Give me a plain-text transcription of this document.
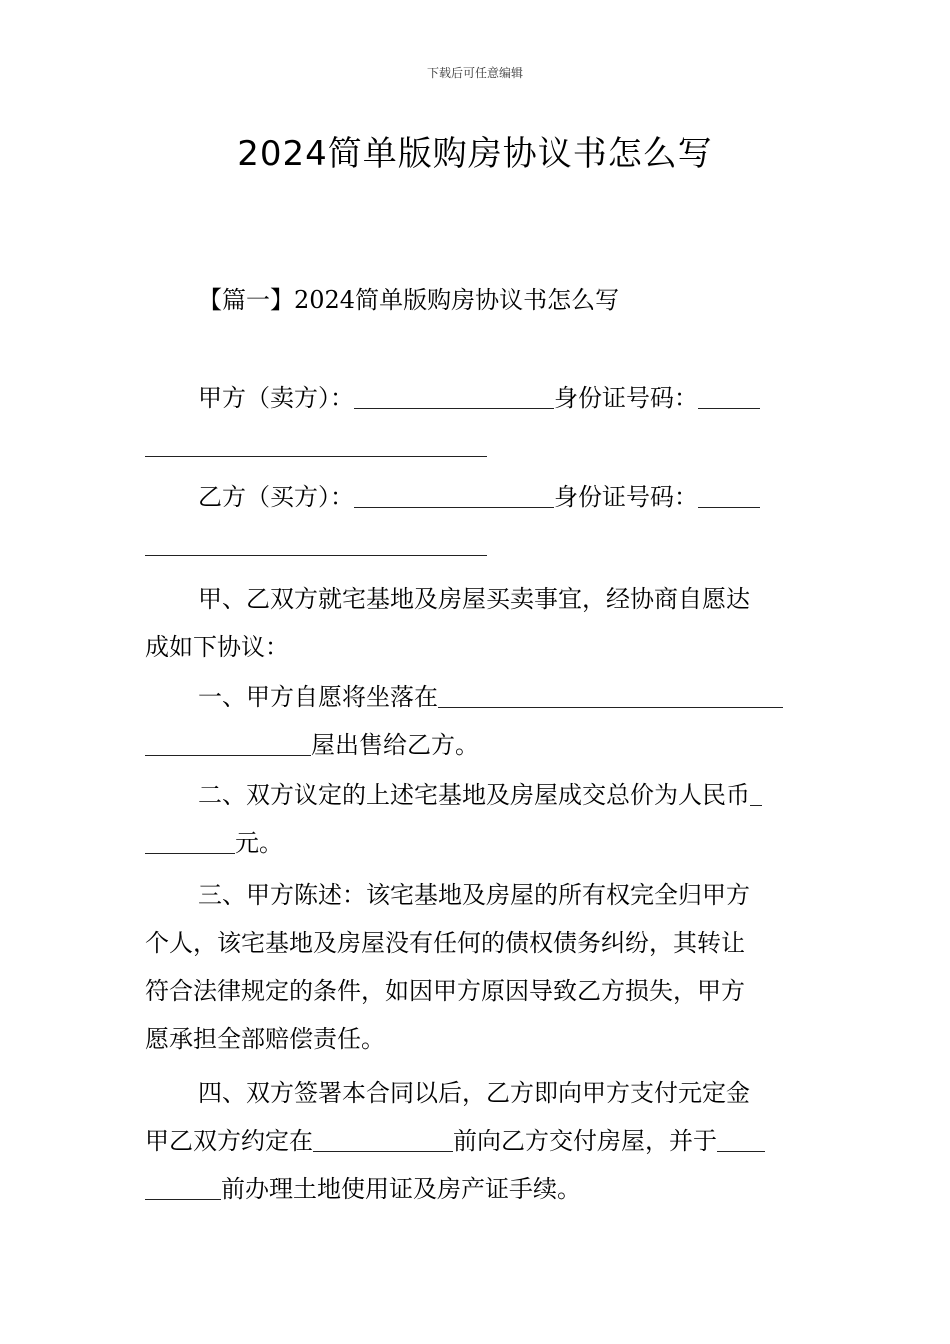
下载后可任意编辑
2024简单版购房协议书怎么写
【篇一】2024简单版购房协议书怎么写
甲方（卖方）：	身份证号码：
乙方（买方）：	身份证号码：
甲、乙双方就宅基地及房屋买卖事宜，经协商自愿达
成如下协议：
一、甲方自愿将坐落在
屋出售给乙方。
二、双方议定的上述宅基地及房屋成交总价为人民币
元。
三、甲方陈述：该宅基地及房屋的所有权完全归甲方
个人，该宅基地及房屋没有任何的债权债务纠纷，其转让
符合法律规定的条件，如因甲方原因导致乙方损失，甲方
愿承担全部赔偿责任。
四、双方签署本合同以后，乙方即向甲方支付元定金
甲乙双方约定在	前向乙方交付房屋，并于
前办理土地使用证及房产证手续。
